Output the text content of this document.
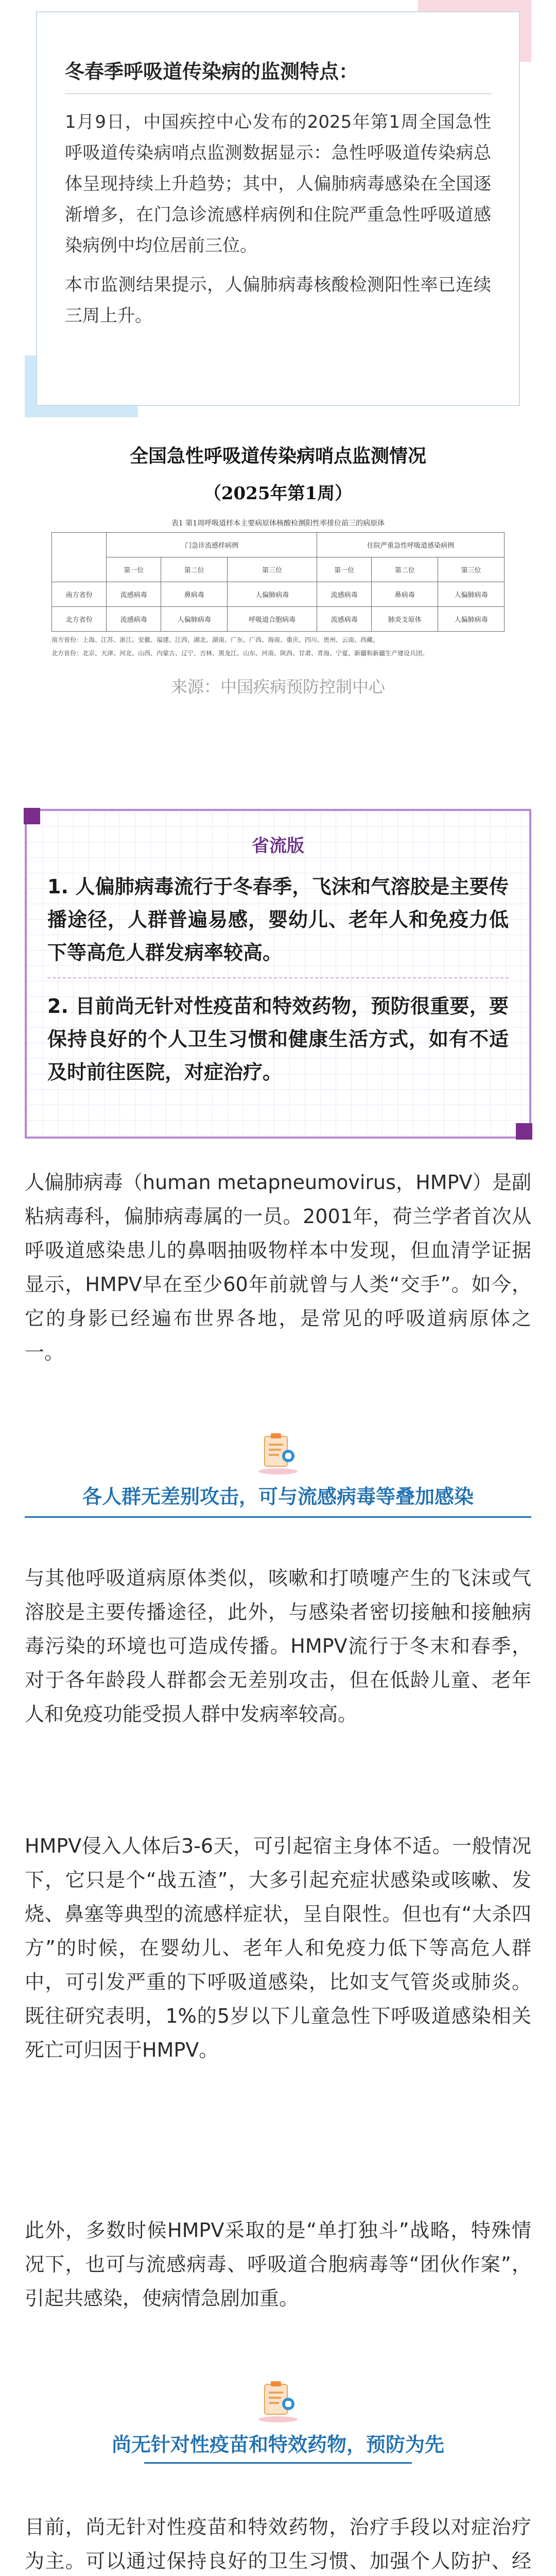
冬春季呼吸道传染病的监测特点：

1月9日，中国疾控中心发布的2025年第1周全国急性呼吸道传染病哨点监测数据显示：急性呼吸道传染病总体呈现持续上升趋势；其中，人偏肺病毒感染在全国逐渐增多，在门急诊流感样病例和住院严重急性呼吸道感染病例中均位居前三位。

本市监测结果提示，人偏肺病毒核酸检测阳性率已连续三周上升。

全国急性呼吸道传染病哨点监测情况
（2025年第1周）
表1 第1周呼吸道样本主要病原体核酸检测阳性率排位前三的病原体
	门急诊流感样病例			住院严重急性呼吸道感染病例		
	第一位	第二位	第三位	第一位	第二位	第三位
南方省份	流感病毒	鼻病毒	人偏肺病毒	流感病毒	鼻病毒	人偏肺病毒
北方省份	流感病毒	人偏肺病毒	呼吸道合胞病毒	流感病毒	肺炎支原体	人偏肺病毒
南方省份：上海、江苏、浙江、安徽、福建、江西、湖北、湖南、广东、广西、海南、重庆、四川、贵州、云南、西藏。
北方省份：北京、天津、河北、山西、内蒙古、辽宁、吉林、黑龙江、山东、河南、陕西、甘肃、青海、宁夏、新疆和新疆生产建设兵团。
来源：中国疾病预防控制中心
省流版
1. 人偏肺病毒流行于冬春季，飞沫和气溶胶是主要传播途径，人群普遍易感，婴幼儿、老年人和免疫力低下等高危人群发病率较高。
2. 目前尚无针对性疫苗和特效药物，预防很重要，要保持良好的个人卫生习惯和健康生活方式，如有不适及时前往医院，对症治疗。
人偏肺病毒（human metapneumovirus，HMPV）是副粘病毒科，偏肺病毒属的一员。2001年，荷兰学者首次从呼吸道感染患儿的鼻咽抽吸物样本中发现，但血清学证据显示，HMPV早在至少60年前就曾与人类“交手”。如今，它的身影已经遍布世界各地，是常见的呼吸道病原体之一。
各人群无差别攻击，可与流感病毒等叠加感染
与其他呼吸道病原体类似，咳嗽和打喷嚏产生的飞沫或气溶胶是主要传播途径，此外，与感染者密切接触和接触病毒污染的环境也可造成传播。HMPV流行于冬末和春季，对于各年龄段人群都会无差别攻击，但在低龄儿童、老年人和免疫功能受损人群中发病率较高。
HMPV侵入人体后3-6天，可引起宿主身体不适。一般情况下，它只是个“战五渣”，大多引起充症状感染或咳嗽、发烧、鼻塞等典型的流感样症状，呈自限性。但也有“大杀四方”的时候，在婴幼儿、老年人和免疫力低下等高危人群中，可引发严重的下呼吸道感染，比如支气管炎或肺炎。既往研究表明，1%的5岁以下儿童急性下呼吸道感染相关死亡可归因于HMPV。
此外，多数时候HMPV采取的是“单打独斗”战略，特殊情况下，也可与流感病毒、呼吸道合胞病毒等“团伙作案”，引起共感染，使病情急剧加重。
尚无针对性疫苗和特效药物，预防为先
目前，尚无针对性疫苗和特效药物，治疗手段以对症治疗为主。可以通过保持良好的卫生习惯、加强个人防护、经
